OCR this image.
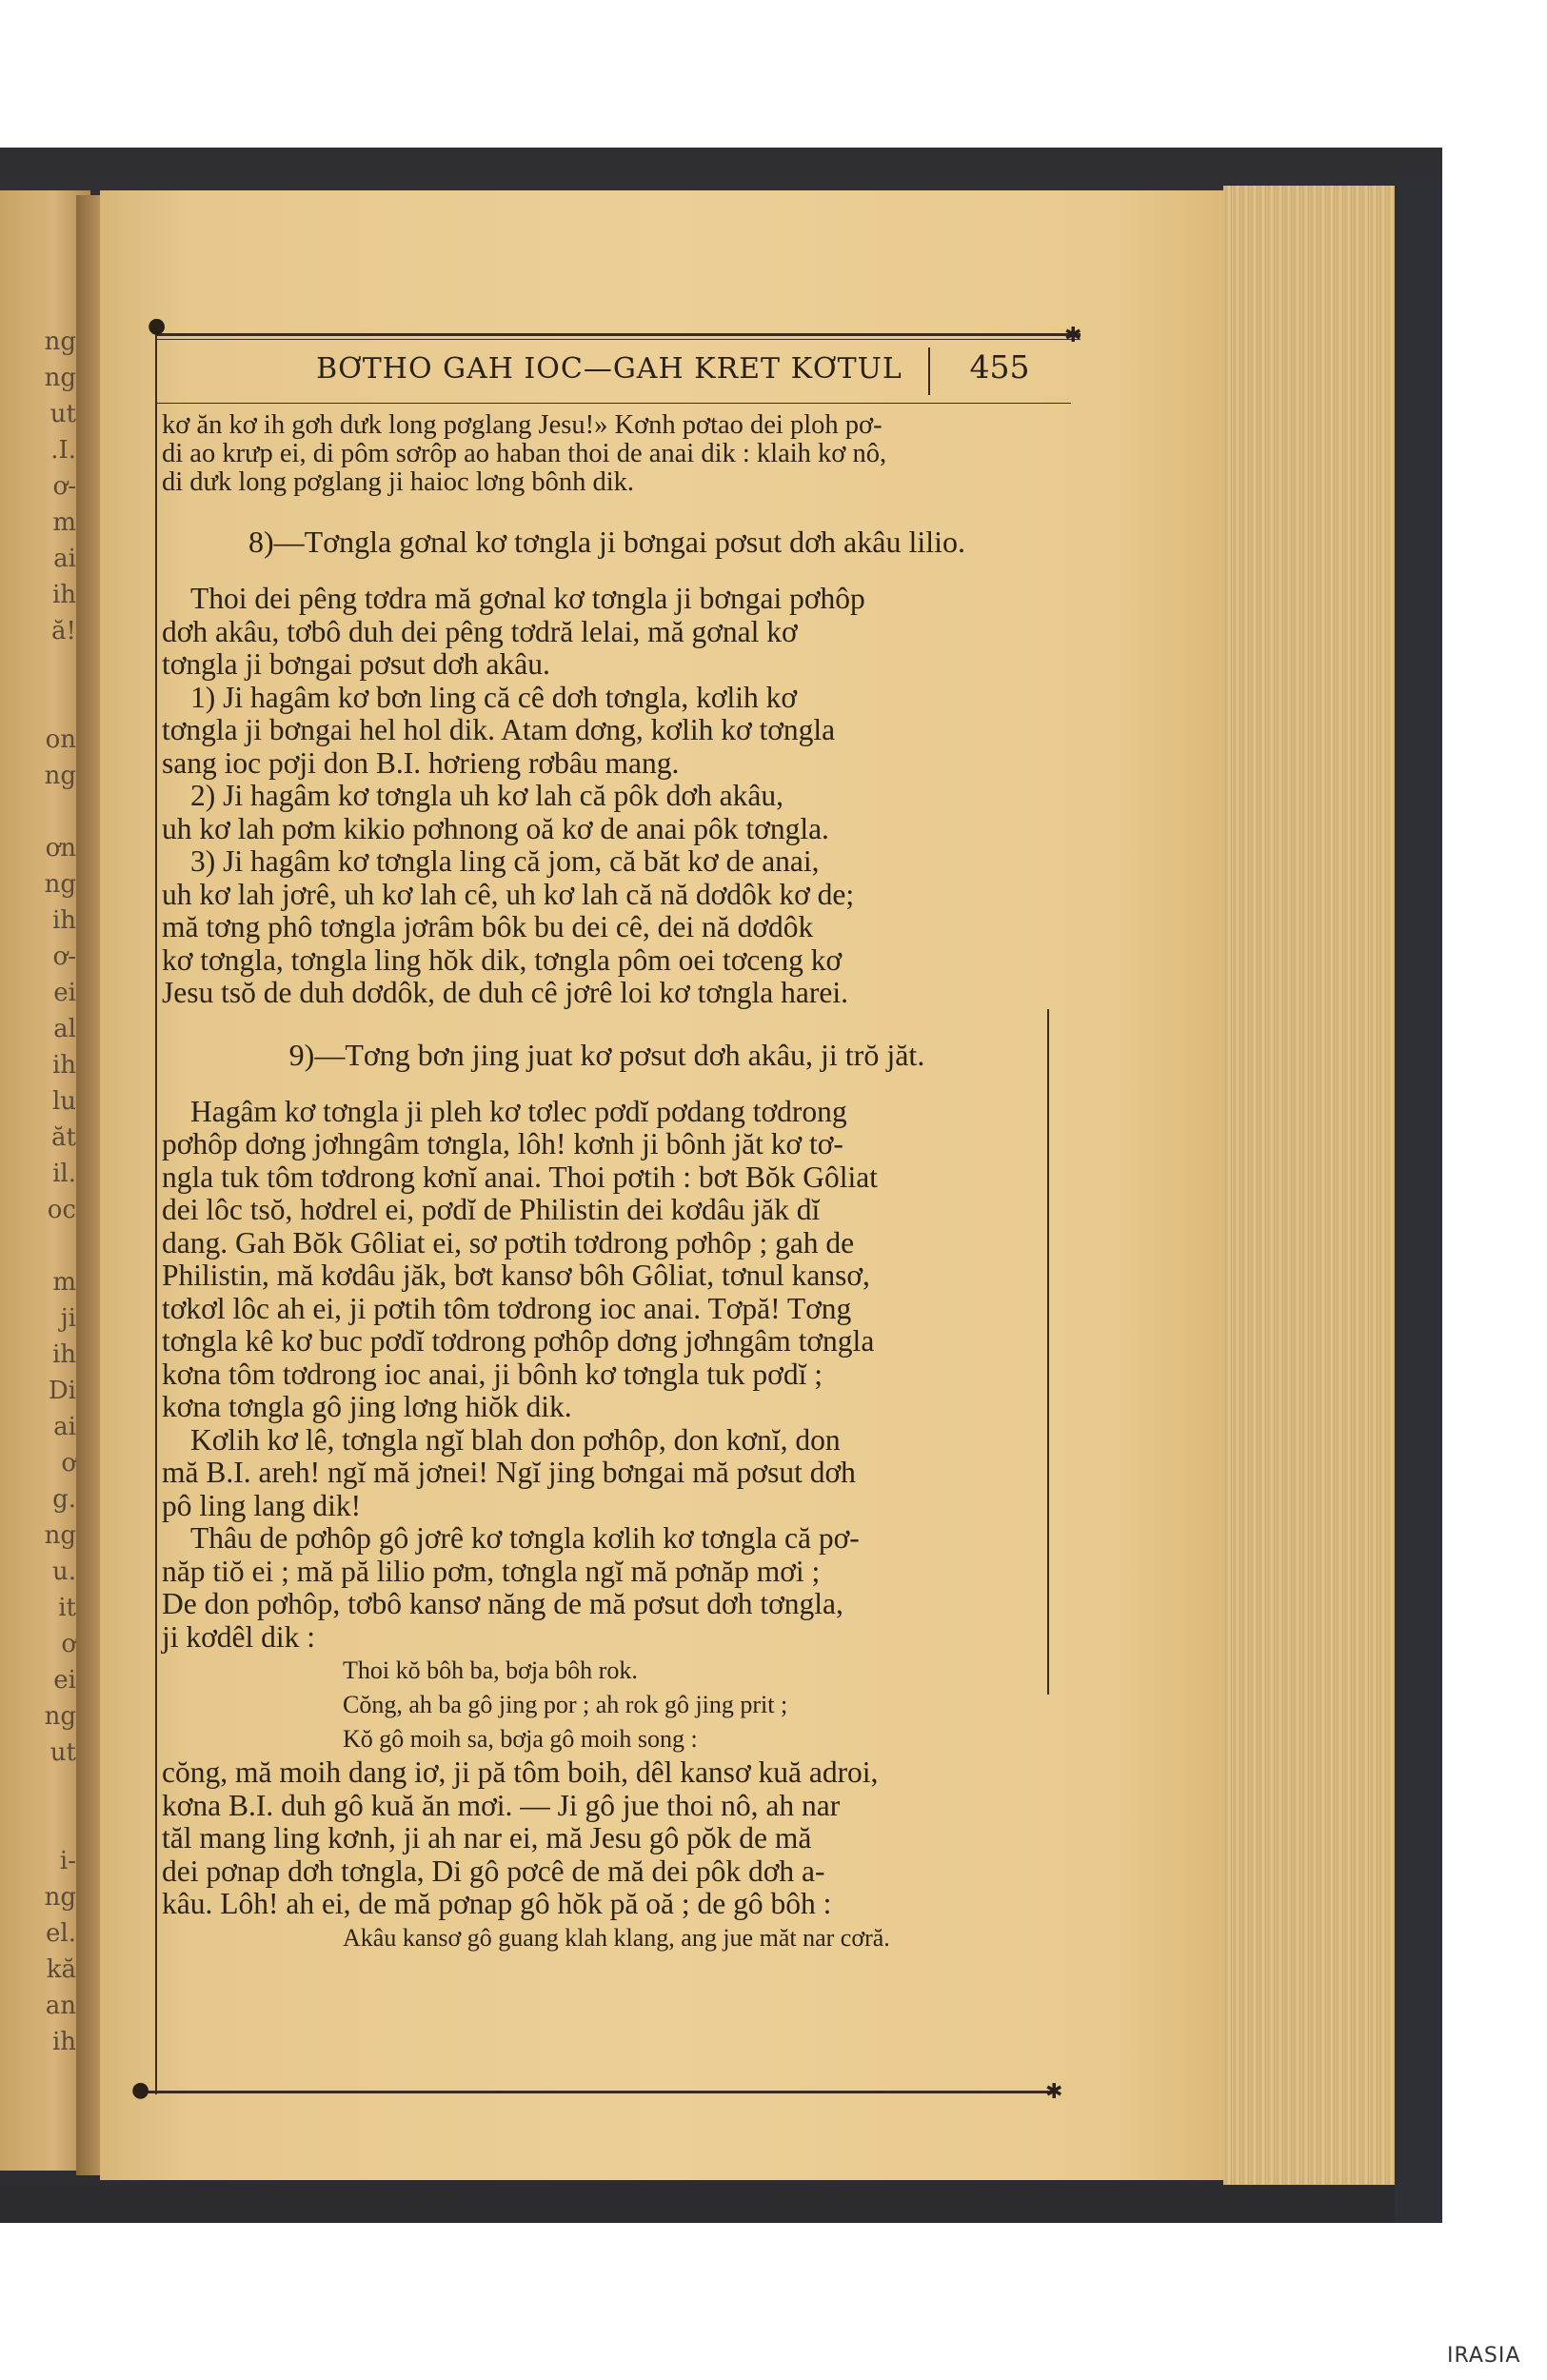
ng
ng
ut
.I.
ơ-
m
ai
ih
ă!
on
ng
ơn
ng
ih
ơ-
ei
al
ih
lu
ăt
il.
oc
m
ji
ih
Di
ai
ơ
g.
ng
u.
it
ơ
ei
ng
ut
i-
ng
el.
kă
an
ih
●	✱
●	✱
BƠTHO GAH IOC—GAH KRET KƠTUL	455
kơ ăn kơ ih gơh dưk long pơglang Jesu!» Kơnh pơtao dei ploh pơ-
di ao krưp ei, di pôm sơrôp ao haban thoi de anai dik : klaih kơ nô,
di dưk long pơglang ji haioc lơng bônh dik.
8)—Tơngla gơnal kơ tơngla ji bơngai pơsut dơh akâu lilio.
Thoi dei pêng tơdra mă gơnal kơ tơngla ji bơngai pơhôp
dơh akâu, tơbô duh dei pêng tơdră lelai, mă gơnal kơ
tơngla ji bơngai pơsut dơh akâu.
1) Ji hagâm kơ bơn ling că cê dơh tơngla, kơlih kơ
tơngla ji bơngai hel hol dik. Atam dơng, kơlih kơ tơngla
sang ioc pơji don B.I. hơrieng rơbâu mang.
2) Ji hagâm kơ tơngla uh kơ lah că pôk dơh akâu,
uh kơ lah pơm kikio pơhnong oă kơ de anai pôk tơngla.
3) Ji hagâm kơ tơngla ling că jom, că băt kơ de anai,
uh kơ lah jơrê, uh kơ lah cê, uh kơ lah că nă dơdôk kơ de;
mă tơng phô tơngla jơrâm bôk bu dei cê, dei nă dơdôk
kơ tơngla, tơngla ling hŏk dik, tơngla pôm oei tơceng kơ
Jesu tsŏ de duh dơdôk, de duh cê jơrê loi kơ tơngla harei.
9)—Tơng bơn jing juat kơ pơsut dơh akâu, ji trŏ jăt.
Hagâm kơ tơngla ji pleh kơ tơlec pơdĭ pơdang tơdrong
pơhôp dơng jơhngâm tơngla, lôh! kơnh ji bônh jăt kơ tơ-
ngla tuk tôm tơdrong kơnĭ anai. Thoi pơtih : bơt Bŏk Gôliat
dei lôc tsŏ, hơdrel ei, pơdĭ de Philistin dei kơdâu jăk dĭ
dang. Gah Bŏk Gôliat ei, sơ pơtih tơdrong pơhôp ; gah de
Philistin, mă kơdâu jăk, bơt kansơ bôh Gôliat, tơnul kansơ,
tơkơl lôc ah ei, ji pơtih tôm tơdrong ioc anai. Tơpă! Tơng
tơngla kê kơ buc pơdĭ tơdrong pơhôp dơng jơhngâm tơngla
kơna tôm tơdrong ioc anai, ji bônh kơ tơngla tuk pơdĭ ;
kơna tơngla gô jing lơng hiŏk dik.
Kơlih kơ lê, tơngla ngĭ blah don pơhôp, don kơnĭ, don
mă B.I. areh! ngĭ mă jơnei! Ngĭ jing bơngai mă pơsut dơh
pô ling lang dik!
Thâu de pơhôp gô jơrê kơ tơngla kơlih kơ tơngla că pơ-
năp tiŏ ei ; mă pă lilio pơm, tơngla ngĭ mă pơnăp mơi ;
De don pơhôp, tơbô kansơ năng de mă pơsut dơh tơngla,
ji kơdêl dik :
Thoi kŏ bôh ba, bơja bôh rok.
Cŏng, ah ba gô jing por ; ah rok gô jing prit ;
Kŏ gô moih sa, bơja gô moih song :
cŏng, mă moih dang iơ, ji pă tôm boih, dêl kansơ kuă adroi,
kơna B.I. duh gô kuă ăn mơi. — Ji gô jue thoi nô, ah nar
tăl mang ling kơnh, ji ah nar ei, mă Jesu gô pŏk de mă
dei pơnap dơh tơngla, Di gô pơcê de mă dei pôk dơh a-
kâu. Lôh! ah ei, de mă pơnap gô hŏk pă oă ; de gô bôh :
Akâu kansơ gô guang klah klang, ang jue măt nar cơră.
IRASIA
